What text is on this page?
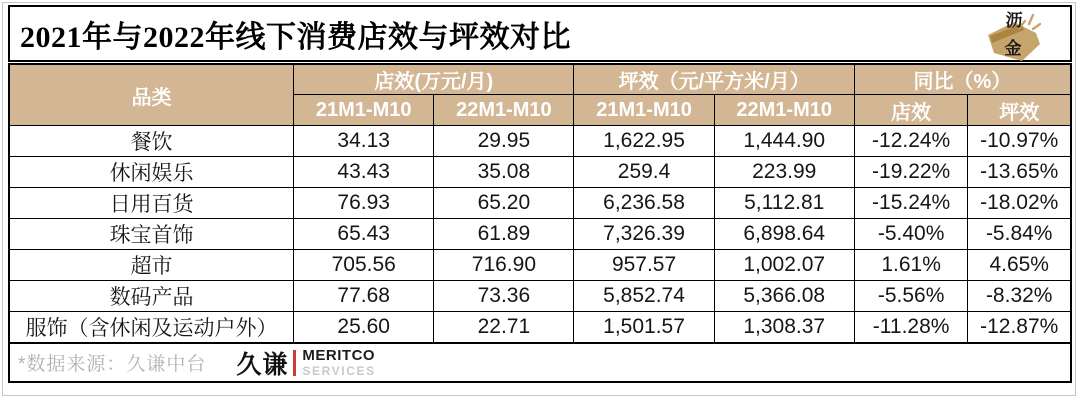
2021年与2022年线下消费店效与坪效对比	沥
金
品类	店效(万元/月)		坪效（元/平方米/月）		同比（%）	
	21M1-M10	22M1-M10	21M1-M10	22M1-M10	店效	坪效
餐饮	34.13	29.95	1,622.95	1,444.90	-12.24%	-10.97%
休闲娱乐	43.43	35.08	259.4	223.99	-19.22%	-13.65%
日用百货	76.93	65.20	6,236.58	5,112.81	-15.24%	-18.02%
珠宝首饰	65.43	61.89	7,326.39	6,898.64	-5.40%	-5.84%
超市	705.56	716.90	957.57	1,002.07	1.61%	4.65%
数码产品	77.68	73.36	5,852.74	5,366.08	-5.56%	-8.32%
服饰（含休闲及运动户外）	25.60	22.71	1,501.57	1,308.37	-11.28%	-12.87%
*数据来源：久谦中台 久谦 MERITCO
SERVICES
